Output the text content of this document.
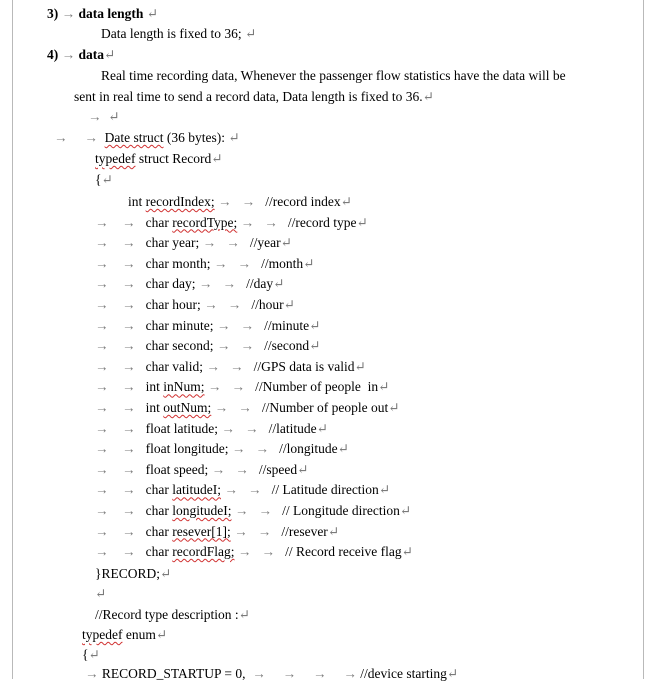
3) → data length ↵
Data length is fixed to 36; ↵
4) → data↵
Real time recording data, Whenever the passenger flow statistics have the data will be
sent in real time to send a record data, Data length is fixed to 36.↵
→  ↵
→     →  Date struct (36 bytes): ↵
typedef struct Record↵
{↵
int recordIndex; →   →   //record index↵
→    →   char recordType; →   →   //record type↵
→    →   char year; →   →   //year↵
→    →   char month; →   →   //month↵
→    →   char day; →   →   //day↵
→    →   char hour; →   →   //hour↵
→    →   char minute; →   →   //minute↵
→    →   char second; →   →   //second↵
→    →   char valid; →   →   //GPS data is valid↵
→    →   int inNum; →   →   //Number of people  in↵
→    →   int outNum; →   →   //Number of people out↵
→    →   float latitude; →   →   //latitude↵
→    →   float longitude; →   →   //longitude↵
→    →   float speed; →   →   //speed↵
→    →   char latitudeI; →   →   // Latitude direction↵
→    →   char longitudeI; →   →   // Longitude direction↵
→    →   char resever[1]; →   →   //resever↵
→    →   char recordFlag; →   →   // Record receive flag↵
}RECORD;↵
↵
//Record type description :↵
typedef enum↵
{↵
→ RECORD_STARTUP = 0,  →     →     →     → //device starting↵
